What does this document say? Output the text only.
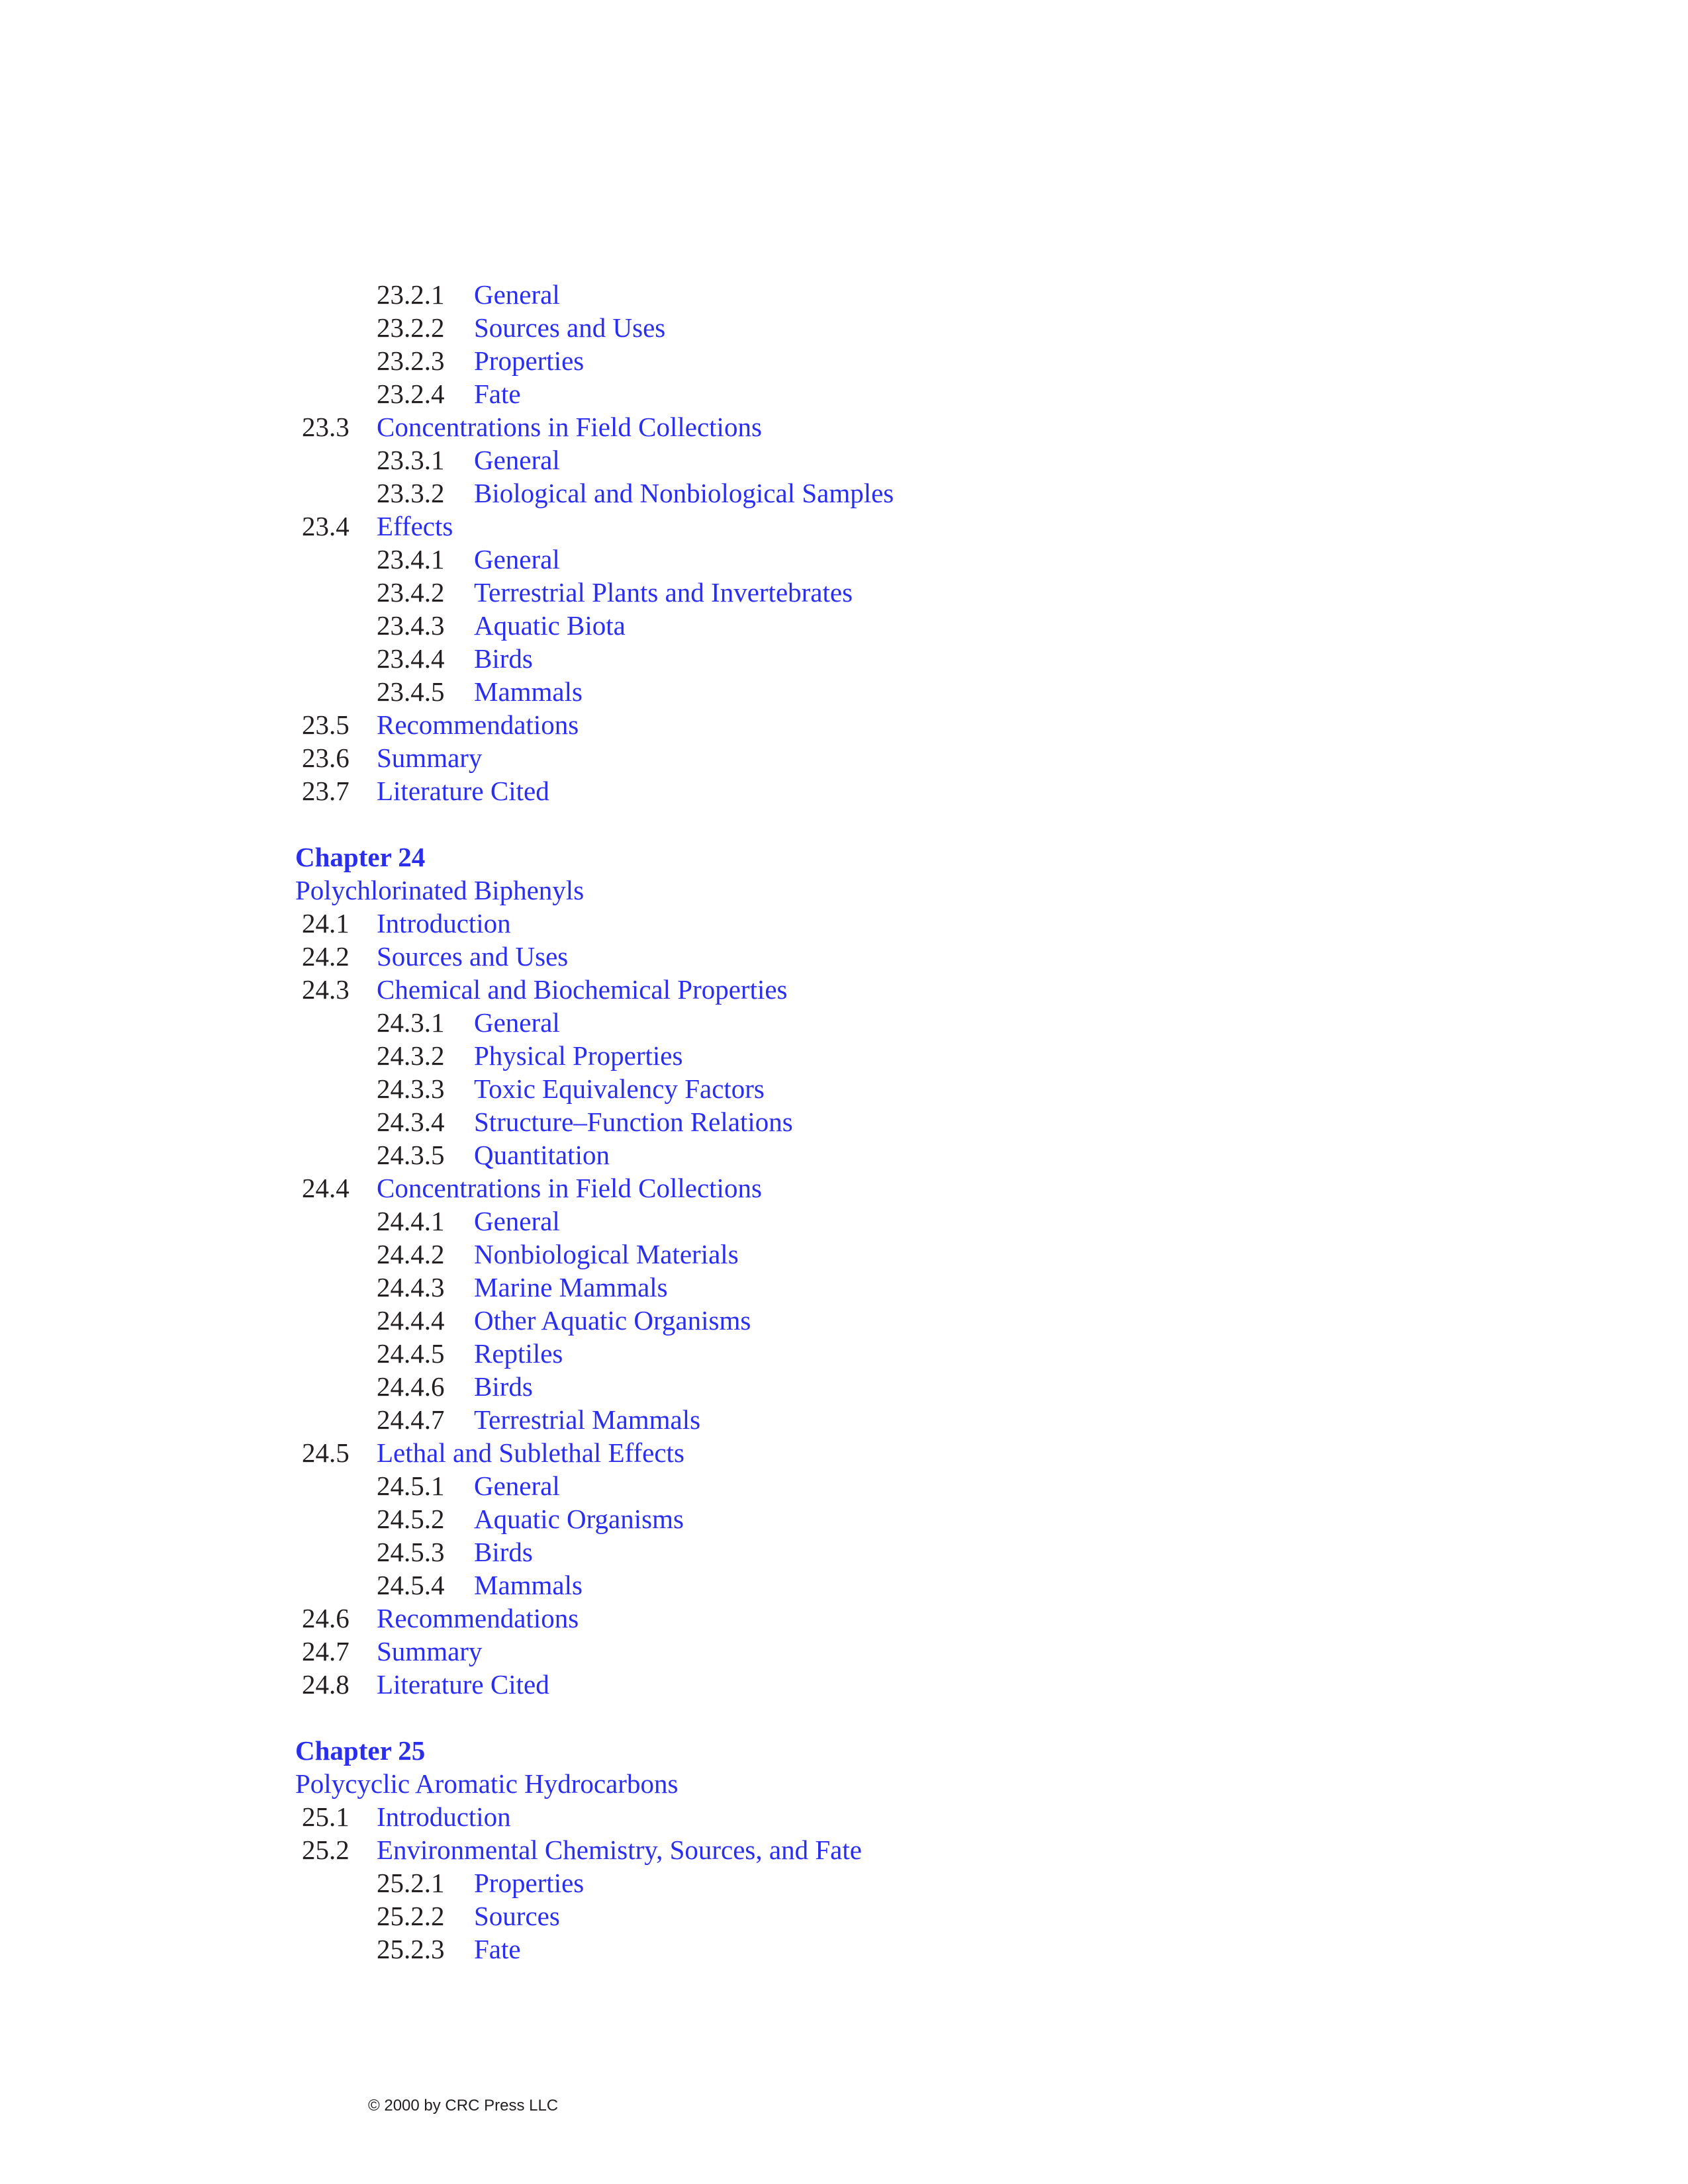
23.2.1 General
23.2.2 Sources and Uses
23.2.3 Properties
23.2.4 Fate
23.3 Concentrations in Field Collections
23.3.1 General
23.3.2 Biological and Nonbiological Samples
23.4 Effects
23.4.1 General
23.4.2 Terrestrial Plants and Invertebrates
23.4.3 Aquatic Biota
23.4.4 Birds
23.4.5 Mammals
23.5 Recommendations
23.6 Summary
23.7 Literature Cited
Chapter 24
Polychlorinated Biphenyls
24.1 Introduction
24.2 Sources and Uses
24.3 Chemical and Biochemical Properties
24.3.1 General
24.3.2 Physical Properties
24.3.3 Toxic Equivalency Factors
24.3.4 Structure–Function Relations
24.3.5 Quantitation
24.4 Concentrations in Field Collections
24.4.1 General
24.4.2 Nonbiological Materials
24.4.3 Marine Mammals
24.4.4 Other Aquatic Organisms
24.4.5 Reptiles
24.4.6 Birds
24.4.7 Terrestrial Mammals
24.5 Lethal and Sublethal Effects
24.5.1 General
24.5.2 Aquatic Organisms
24.5.3 Birds
24.5.4 Mammals
24.6 Recommendations
24.7 Summary
24.8 Literature Cited
Chapter 25
Polycyclic Aromatic Hydrocarbons
25.1 Introduction
25.2 Environmental Chemistry, Sources, and Fate
25.2.1 Properties
25.2.2 Sources
25.2.3 Fate
© 2000 by CRC Press LLC
